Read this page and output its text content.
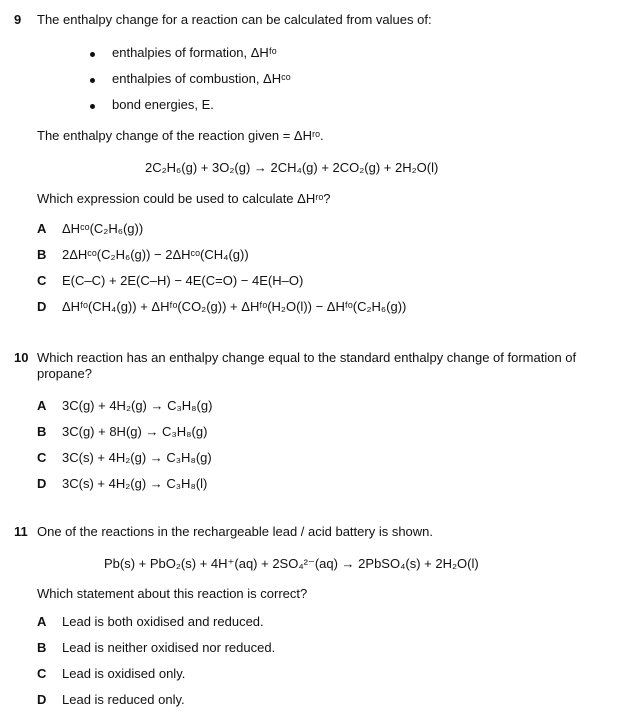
9 The enthalpy change for a reaction can be calculated from values of:
enthalpies of formation, ΔHᶠᵒ
enthalpies of combustion, ΔHᶜᵒ
bond energies, E.
The enthalpy change of the reaction given = ΔHʳᵒ.
2C₂H₆(g) + 3O₂(g) → 2CH₄(g) + 2CO₂(g) + 2H₂O(l)
Which expression could be used to calculate ΔHʳᵒ?
A ΔHᶜᵒ(C₂H₆(g))
B 2ΔHᶜᵒ(C₂H₆(g)) − 2ΔHᶜᵒ(CH₄(g))
C E(C–C) + 2E(C–H) − 4E(C=O) − 4E(H–O)
D ΔHᶠᵒ(CH₄(g)) + ΔHᶠᵒ(CO₂(g)) + ΔHᶠᵒ(H₂O(l)) − ΔHᶠᵒ(C₂H₆(g))
10 Which reaction has an enthalpy change equal to the standard enthalpy change of formation of
propane?
A 3C(g) + 4H₂(g) → C₃H₈(g)
B 3C(g) + 8H(g) → C₃H₈(g)
C 3C(s) + 4H₂(g) → C₃H₈(g)
D 3C(s) + 4H₂(g) → C₃H₈(l)
11 One of the reactions in the rechargeable lead / acid battery is shown.
Pb(s) + PbO₂(s) + 4H⁺(aq) + 2SO₄²⁻(aq) → 2PbSO₄(s) + 2H₂O(l)
Which statement about this reaction is correct?
A Lead is both oxidised and reduced.
B Lead is neither oxidised nor reduced.
C Lead is oxidised only.
D Lead is reduced only.
